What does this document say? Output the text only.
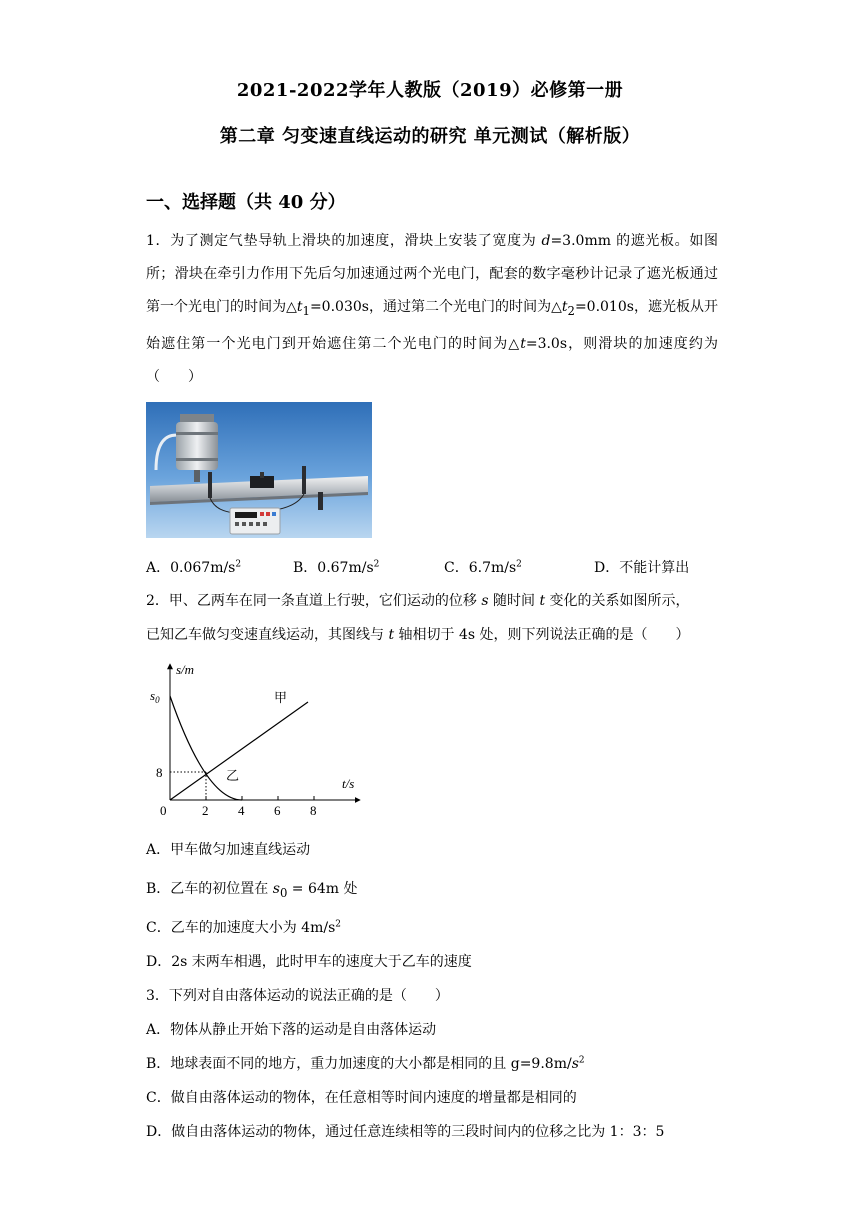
2021-2022学年人教版（2019）必修第一册
第二章 匀变速直线运动的研究 单元测试（解析版）
一、选择题（共 40 分）
1．为了测定气垫导轨上滑块的加速度，滑块上安装了宽度为 d=3.0mm 的遮光板。如图所；滑块在牵引力作用下先后匀加速通过两个光电门，配套的数字毫秒计记录了遮光板通过第一个光电门的时间为$\triangle t_1=0.030s$，通过第二个光电门的时间为$\triangle t_2=0.010s$，遮光板从开始遮住第一个光电门到开始遮住第二个光电门的时间为△t=3.0s，则滑块的加速度约为（　　）
A．$0.067m/s^2$	B．$0.67m/s^2$	C．$6.7m/s^2$	D．不能计算出
2．甲、乙两车在同一条直道上行驶，它们运动的位移 s 随时间 t 变化的关系如图所示，
已知乙车做匀变速直线运动，其图线与 t 轴相切于 4s 处，则下列说法正确的是（　　）
s/m
t/s
$s_0$
8
0	2 4 6 8
甲
乙
A．甲车做匀加速直线运动
B．乙车的初位置在 $s_0 = 64m$ 处
C．乙车的加速度大小为 $4m/s^2$
D．2s 末两车相遇，此时甲车的速度大于乙车的速度
3．下列对自由落体运动的说法正确的是（　　）
A．物体从静止开始下落的运动是自由落体运动
B．地球表面不同的地方，重力加速度的大小都是相同的且 $g=9.8m/s^2$
C．做自由落体运动的物体，在任意相等时间内速度的增量都是相同的
D．做自由落体运动的物体，通过任意连续相等的三段时间内的位移之比为 1：3：5
